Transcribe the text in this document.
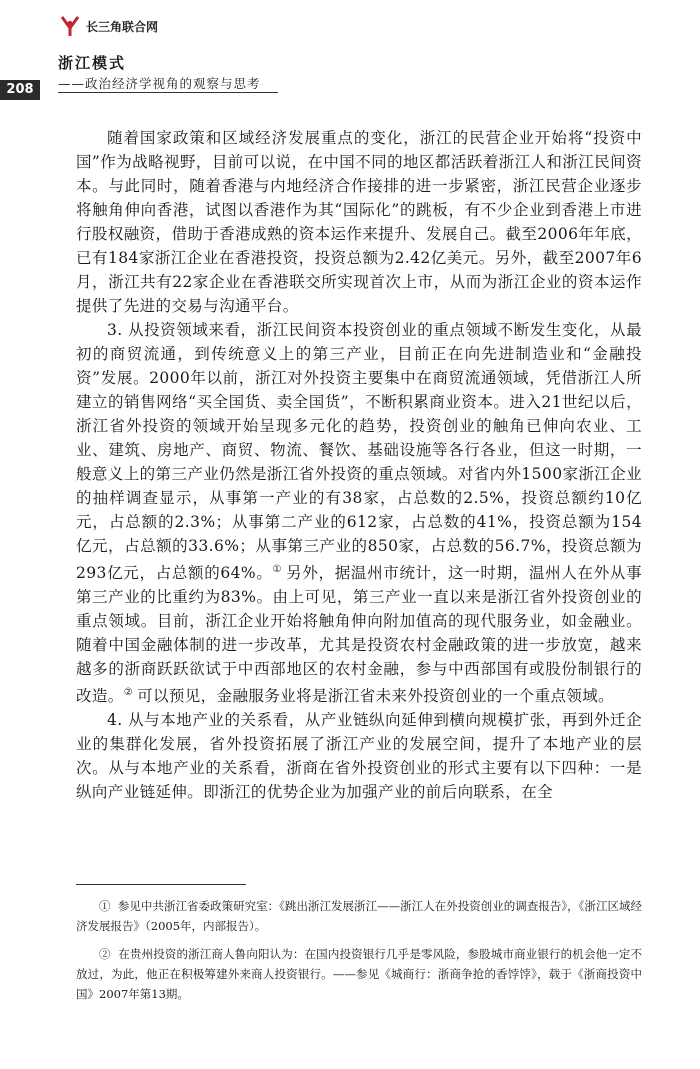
长三角联合网
浙江模式
——政治经济学视角的观察与思考
208

随着国家政策和区域经济发展重点的变化，浙江的民营企业开始将“投资中国”作为战略视野，目前可以说，在中国不同的地区都活跃着浙江人和浙江民间资本。与此同时，随着香港与内地经济合作接排的进一步紧密，浙江民营企业逐步将触角伸向香港，试图以香港作为其“国际化”的跳板，有不少企业到香港上市进行股权融资，借助于香港成熟的资本运作来提升、发展自己。截至2006年年底，已有184家浙江企业在香港投资，投资总额为2.42亿美元。另外，截至2007年6月，浙江共有22家企业在香港联交所实现首次上市，从而为浙江企业的资本运作提供了先进的交易与沟通平台。

3. 从投资领域来看，浙江民间资本投资创业的重点领域不断发生变化，从最初的商贸流通，到传统意义上的第三产业，目前正在向先进制造业和“金融投资”发展。2000年以前，浙江对外投资主要集中在商贸流通领域，凭借浙江人所建立的销售网络“买全国货、卖全国货”，不断积累商业资本。进入21世纪以后，浙江省外投资的领域开始呈现多元化的趋势，投资创业的触角已伸向农业、工业、建筑、房地产、商贸、物流、餐饮、基础设施等各行各业，但这一时期，一般意义上的第三产业仍然是浙江省外投资的重点领域。对省内外1500家浙江企业的抽样调查显示，从事第一产业的有38家，占总数的2.5%，投资总额约10亿元，占总额的2.3%；从事第二产业的612家，占总数的41%，投资总额为154亿元，占总额的33.6%；从事第三产业的850家，占总数的56.7%，投资总额为293亿元，占总额的64%。① 另外，据温州市统计，这一时期，温州人在外从事第三产业的比重约为83%。由上可见，第三产业一直以来是浙江省外投资创业的重点领域。目前，浙江企业开始将触角伸向附加值高的现代服务业，如金融业。随着中国金融体制的进一步改革，尤其是投资农村金融政策的进一步放宽，越来越多的浙商跃跃欲试于中西部地区的农村金融，参与中西部国有或股份制银行的改造。② 可以预见，金融服务业将是浙江省未来外投资创业的一个重点领域。

4. 从与本地产业的关系看，从产业链纵向延伸到横向规模扩张，再到外迁企业的集群化发展，省外投资拓展了浙江产业的发展空间，提升了本地产业的层次。从与本地产业的关系看，浙商在省外投资创业的形式主要有以下四种：一是纵向产业链延伸。即浙江的优势企业为加强产业的前后向联系，在全

① 参见中共浙江省委政策研究室：《跳出浙江发展浙江——浙江人在外投资创业的调查报告》，《浙江区域经济发展报告》（2005年，内部报告）。

② 在贵州投资的浙江商人鲁向阳认为：在国内投资银行几乎是零风险，参股城市商业银行的机会他一定不放过，为此，他正在积极筹建外来商人投资银行。——参见《城商行：浙商争抢的香饽饽》，载于《浙商投资中国》2007年第13期。
